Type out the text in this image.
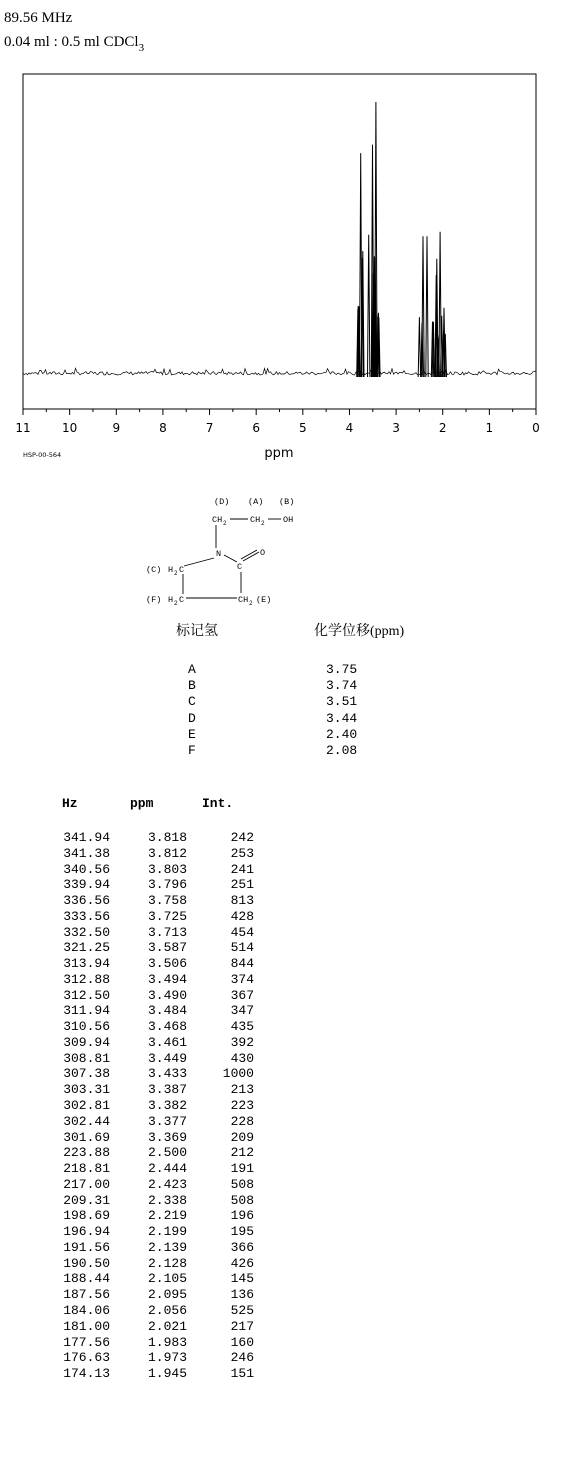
89.56 MHz
0.04 ml : 0.5 ml CDCl$_3$
11	10	9	8	7	6	5	4	3	2	1	0
ppm
HSP-00-564
(D) (A) (B)
CH 2	CH 2 OH
N	O
C
(C) H 2 C
(F) H 2 C	CH 2 (E)
标记氢	化学位移(ppm)
A	3.75
B	3.74
C	3.51
D	3.44
E	2.40
F	2.08
Hz	ppm	Int.
341.94	3.818	242
341.38	3.812	253
340.56	3.803	241
339.94	3.796	251
336.56	3.758	813
333.56	3.725	428
332.50	3.713	454
321.25	3.587	514
313.94	3.506	844
312.88	3.494	374
312.50	3.490	367
311.94	3.484	347
310.56	3.468	435
309.94	3.461	392
308.81	3.449	430
307.38	3.433	1000
303.31	3.387	213
302.81	3.382	223
302.44	3.377	228
301.69	3.369	209
223.88	2.500	212
218.81	2.444	191
217.00	2.423	508
209.31	2.338	508
198.69	2.219	196
196.94	2.199	195
191.56	2.139	366
190.50	2.128	426
188.44	2.105	145
187.56	2.095	136
184.06	2.056	525
181.00	2.021	217
177.56	1.983	160
176.63	1.973	246
174.13	1.945	151
